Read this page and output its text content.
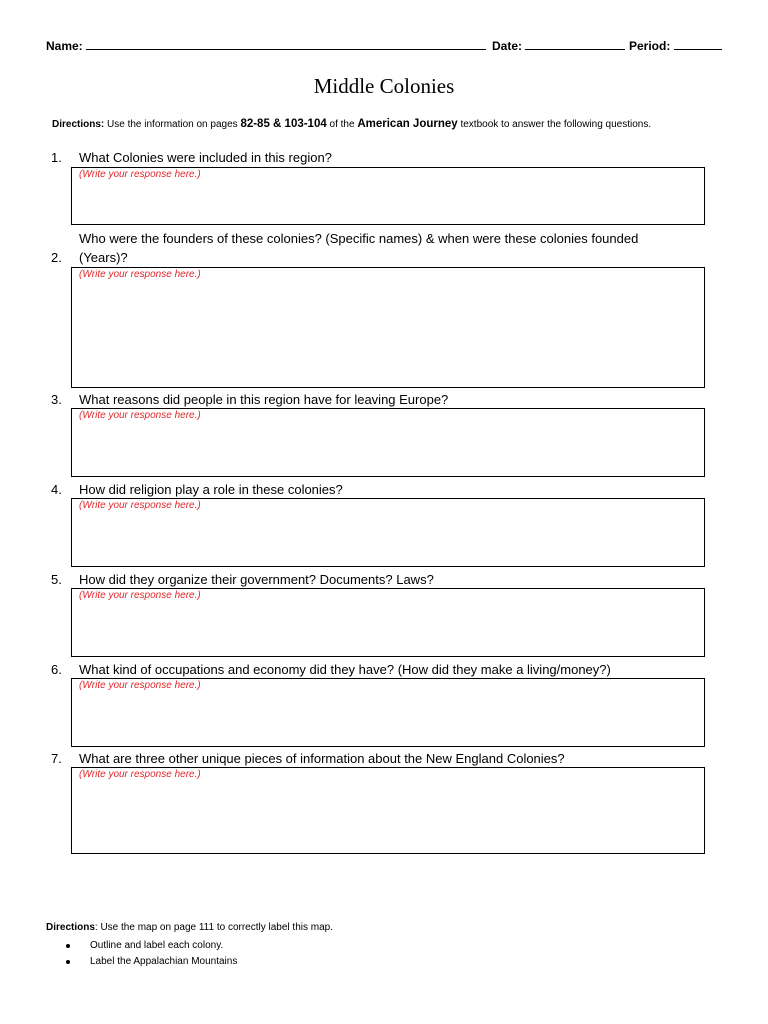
Name:	Date:	Period:
Middle Colonies
Directions: Use the information on pages 82-85 & 103-104 of the American Journey textbook to answer the following questions.
1.	What Colonies were included in this region?
(Write your response here.)
2.
Who were the founders of these colonies? (Specific names) & when were these colonies founded (Years)?
(Write your response here.)
3.	What reasons did people in this region have for leaving Europe?
(Write your response here.)
4.	How did religion play a role in these colonies?
(Write your response here.)
5.	How did they organize their government? Documents? Laws?
(Write your response here.)
6.	What kind of occupations and economy did they have? (How did they make a living/money?)
(Write your response here.)
7.	What are three other unique pieces of information about the New England Colonies?
(Write your response here.)
Directions: Use the map on page 111 to correctly label this map.
Outline and label each colony.
Label the Appalachian Mountains
